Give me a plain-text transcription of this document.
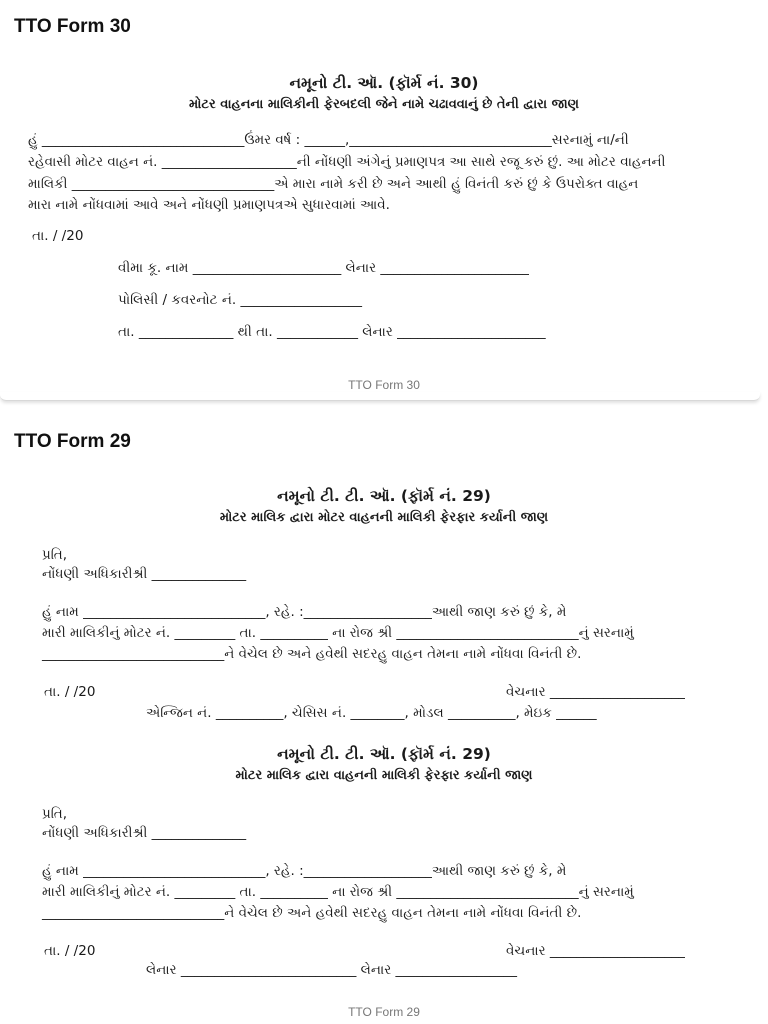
TTO Form 30
નમૂનો ટી. ઑ. (ફૉર્મ નં. 30)
મોટર વાહનના માલિકીની ફેરબદલી જેને નામે ચઢાવવાનું છે તેની દ્વારા જાણ
હું ______________________________ઉંમર વર્ષ : ______,______________________________સરનામું ના/ની
રહેવાસી મોટર વાહન નં. ____________________ની નોંધણી અંગેનું પ્રમાણપત્ર આ સાથે રજૂ કરું છું. આ મોટર વાહનની
માલિકી ______________________________એ મારા નામે કરી છે અને આથી હું વિનંતી કરું છું કે ઉપરોક્ત વાહન
મારા નામે નોંધવામાં આવે અને નોંધણી પ્રમાણપત્રએ સુધારવામાં આવે.
તા. / /20
વીમા કૂ. નામ ______________________ લેનાર ______________________
પોલિસી / કવરનોટ નં. __________________
તા. ______________ થી તા. ____________ લેનાર ______________________
TTO Form 30
TTO Form 29
નમૂનો ટી. ટી. ઑ. (ફૉર્મ નં. 29)
મોટર માલિક દ્વારા મોટર વાહનની માલિકી ફેરફાર કર્યાની જાણ
પ્રતિ,
નોંધણી અધિકારીશ્રી ______________
હું નામ ___________________________, રહે. :___________________આથી જાણ કરું છું કે, મે
મારી માલિકીનું મોટર નં. _________ તા. __________ ના રોજ શ્રી ___________________________નું સરનામું
___________________________ને વેચેલ છે અને હવેથી સદરહુ વાહન તેમના નામે નોંધવા વિનંતી છે.
તા. / /20	વેચનાર ____________________
એન્જિન નં. __________, ચેસિસ નં. ________, મોડલ __________, મેઇક ______
નમૂનો ટી. ટી. ઑ. (ફૉર્મ નં. 29)
મોટર માલિક દ્વારા વાહનની માલિકી ફેરફાર કર્યાની જાણ
પ્રતિ,
નોંધણી અધિકારીશ્રી ______________
હું નામ ___________________________, રહે. :___________________આથી જાણ કરું છું કે, મે
મારી માલિકીનું મોટર નં. _________ તા. __________ ના રોજ શ્રી ___________________________નું સરનામું
___________________________ને વેચેલ છે અને હવેથી સદરહુ વાહન તેમના નામે નોંધવા વિનંતી છે.
તા. / /20	વેચનાર ____________________
લેનાર __________________________ લેનાર __________________
TTO Form 29
